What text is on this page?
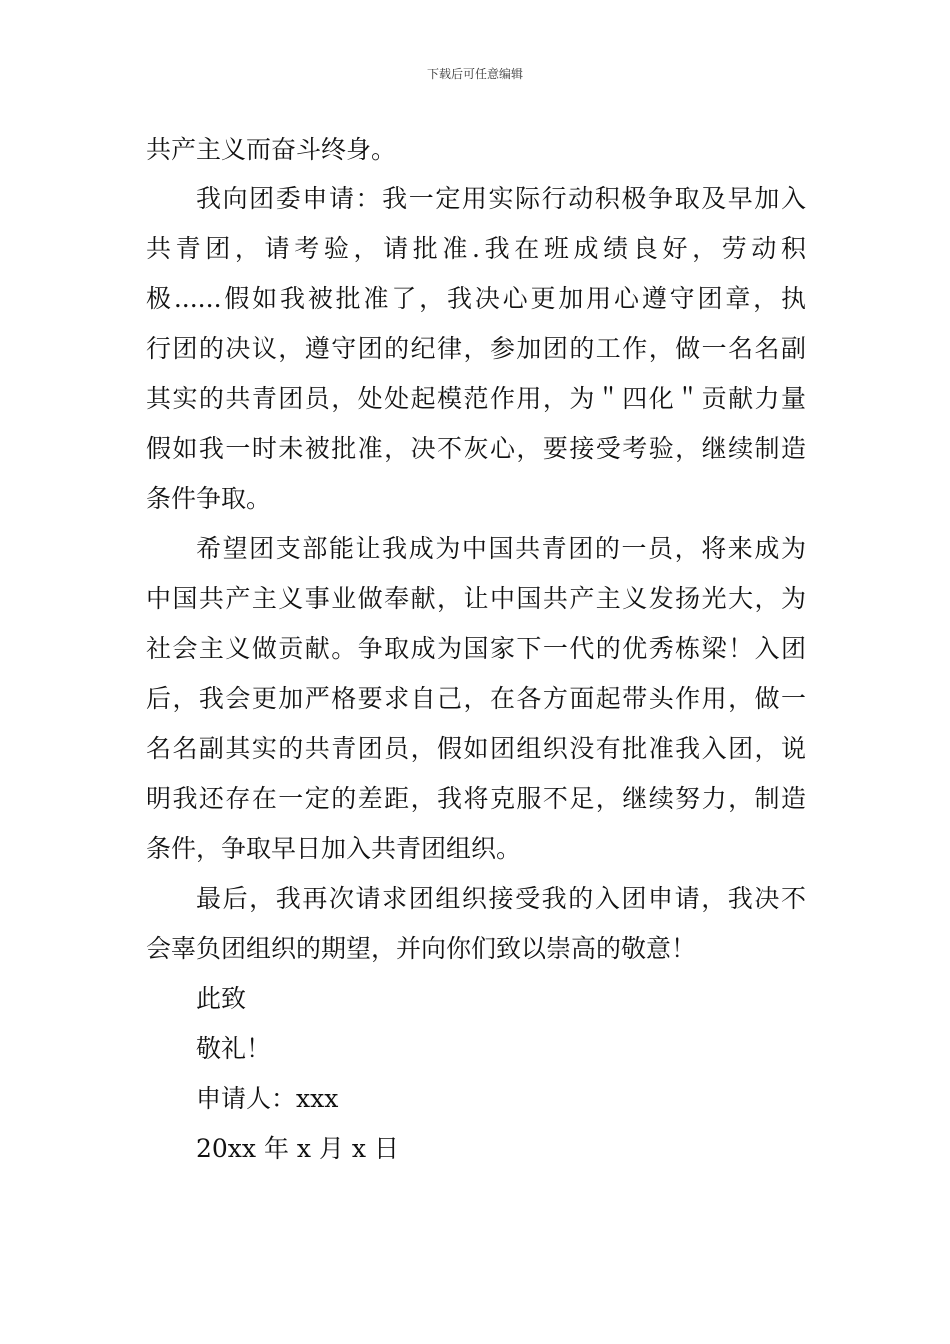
下载后可任意编辑
共产主义而奋斗终身。
我向团委申请：我一定用实际行动积极争取及早加入
共青团，请考验，请批准.我在班成绩良好，劳动积
极......假如我被批准了，我决心更加用心遵守团章，执
行团的决议，遵守团的纪律，参加团的工作，做一名名副
其实的共青团员，处处起模范作用，为＂四化＂贡献力量
假如我一时未被批准，决不灰心，要接受考验，继续制造
条件争取。
希望团支部能让我成为中国共青团的一员，将来成为
中国共产主义事业做奉献，让中国共产主义发扬光大，为
社会主义做贡献。争取成为国家下一代的优秀栋梁！入团
后，我会更加严格要求自己，在各方面起带头作用，做一
名名副其实的共青团员，假如团组织没有批准我入团，说
明我还存在一定的差距，我将克服不足，继续努力，制造
条件，争取早日加入共青团组织。
最后，我再次请求团组织接受我的入团申请，我决不
会辜负团组织的期望，并向你们致以崇高的敬意！
此致
敬礼！
申请人：xxx
20xx 年 x 月 x 日
